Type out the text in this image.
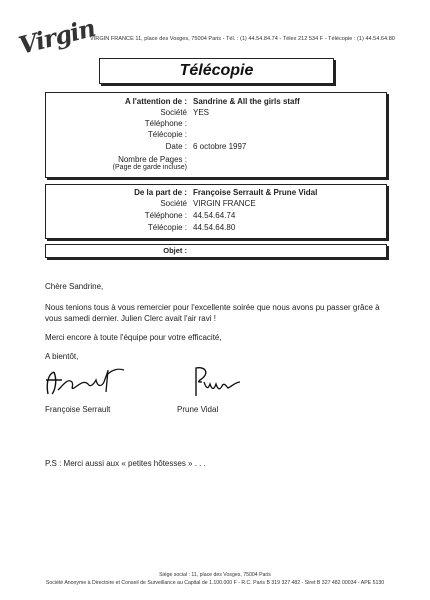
Virgin
VIRGIN FRANCE 11, place des Vosges, 75004 Paris - Tél. : (1) 44.54.84.74 - Télex 212 534 F - Télécopie : (1) 44.54.64.80
Télécopie
A l'attention de : Sandrine & All the girls staff
Société YES
Téléphone :
Télécopie :
Date : 6 octobre 1997
Nombre de Pages :
(Page de garde incluse)
De la part de : Françoise Serrault & Prune Vidal
Société VIRGIN FRANCE
Téléphone : 44.54.64.74
Télécopie : 44.54.64.80
Objet :
Chère Sandrine,
Nous tenions tous à vous remercier pour l'excellente soirée que nous avons pu passer grâce à
vous samedi dernier. Julien Clerc avait l'air ravi !
Merci encore à toute l'équipe pour votre efficacité,
A bientôt,
Françoise Serrault	Prune Vidal
P.S : Merci aussi aux « petites hôtesses » . . .
Siège social : 11, place des Vosges, 75004 Paris
Société Anonyme à Directoire et Conseil de Surveillance au Capital de 1.100.000 F - R.C. Paris B 319 327 482 - Siret B 327 482 00034 - APE 5130
